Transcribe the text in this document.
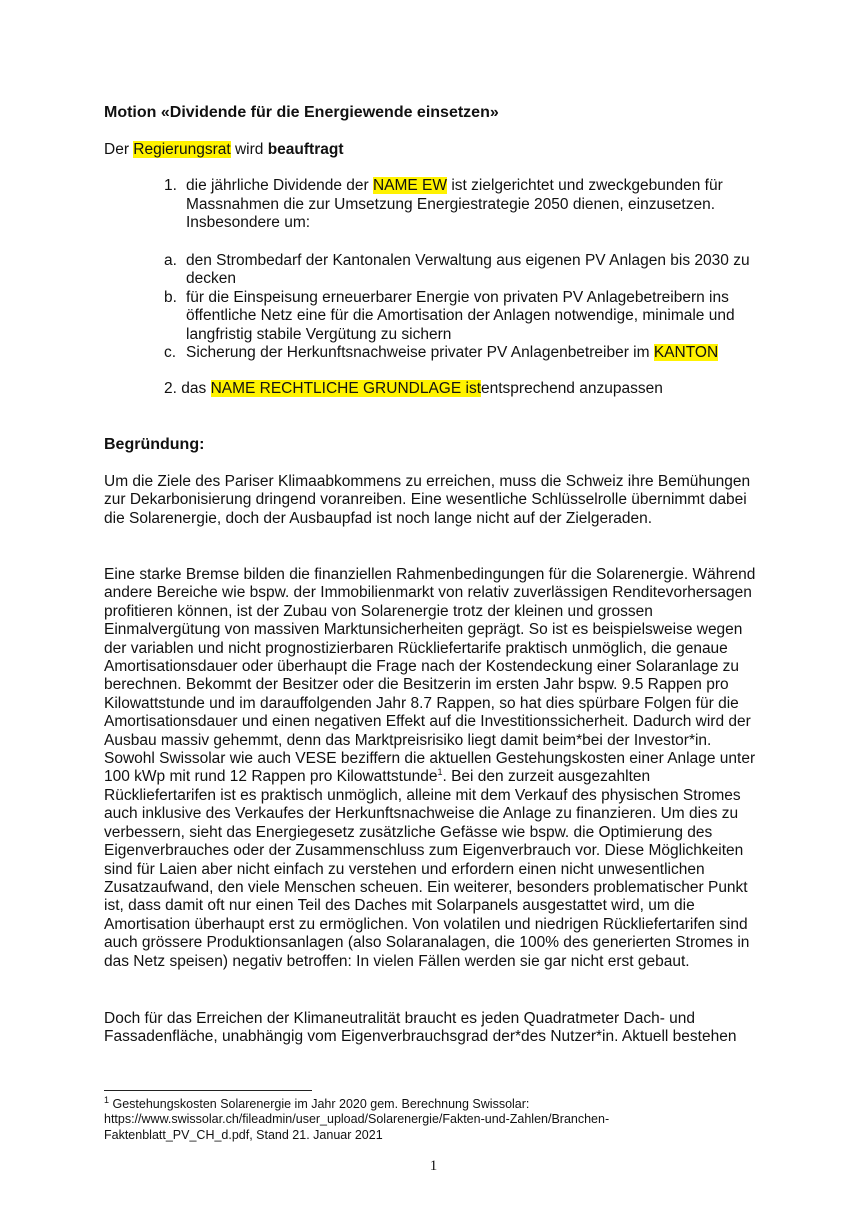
Motion «Dividende für die Energiewende einsetzen»
Der Regierungsrat wird beauftragt
1. die jährliche Dividende der NAME EW ist zielgerichtet und zweckgebunden für Massnahmen die zur Umsetzung Energiestrategie 2050 dienen, einzusetzen. Insbesondere um:
a. den Strombedarf der Kantonalen Verwaltung aus eigenen PV Anlagen bis 2030 zu decken
b. für die Einspeisung erneuerbarer Energie von privaten PV Anlagebetreibern ins öffentliche Netz eine für die Amortisation der Anlagen notwendige, minimale und langfristig stabile Vergütung zu sichern
c. Sicherung der Herkunftsnachweise privater PV Anlagenbetreiber im KANTON
2. das NAME RECHTLICHE GRUNDLAGE istentsprechend anzupassen
Begründung:
Um die Ziele des Pariser Klimaabkommens zu erreichen, muss die Schweiz ihre Bemühungen zur Dekarbonisierung dringend voranreiben. Eine wesentliche Schlüsselrolle übernimmt dabei die Solarenergie, doch der Ausbaupfad ist noch lange nicht auf der Zielgeraden.
Eine starke Bremse bilden die finanziellen Rahmenbedingungen für die Solarenergie. Während andere Bereiche wie bspw. der Immobilienmarkt von relativ zuverlässigen Renditevorhersagen profitieren können, ist der Zubau von Solarenergie trotz der kleinen und grossen Einmalvergütung von massiven Marktunsicherheiten geprägt. So ist es beispielsweise wegen der variablen und nicht prognostizierbaren Rückliefertarife praktisch unmöglich, die genaue Amortisationsdauer oder überhaupt die Frage nach der Kostendeckung einer Solaranlage zu berechnen. Bekommt der Besitzer oder die Besitzerin im ersten Jahr bspw. 9.5 Rappen pro Kilowattstunde und im darauffolgenden Jahr 8.7 Rappen, so hat dies spürbare Folgen für die Amortisationsdauer und einen negativen Effekt auf die Investitionssicherheit. Dadurch wird der Ausbau massiv gehemmt, denn das Marktpreisrisiko liegt damit beim*bei der Investor*in. Sowohl Swissolar wie auch VESE beziffern die aktuellen Gestehungskosten einer Anlage unter 100 kWp mit rund 12 Rappen pro Kilowattstunde$^1$. Bei den zurzeit ausgezahlten Rückliefertarifen ist es praktisch unmöglich, alleine mit dem Verkauf des physischen Stromes auch inklusive des Verkaufes der Herkunftsnachweise die Anlage zu finanzieren. Um dies zu verbessern, sieht das Energiegesetz zusätzliche Gefässe wie bspw. die Optimierung des Eigenverbrauches oder der Zusammenschluss zum Eigenverbrauch vor. Diese Möglichkeiten sind für Laien aber nicht einfach zu verstehen und erfordern einen nicht unwesentlichen Zusatzaufwand, den viele Menschen scheuen. Ein weiterer, besonders problematischer Punkt ist, dass damit oft nur einen Teil des Daches mit Solarpanels ausgestattet wird, um die Amortisation überhaupt erst zu ermöglichen. Von volatilen und niedrigen Rückliefertarifen sind auch grössere Produktionsanlagen (also Solaranalagen, die 100% des generierten Stromes in das Netz speisen) negativ betroffen: In vielen Fällen werden sie gar nicht erst gebaut.
Doch für das Erreichen der Klimaneutralität braucht es jeden Quadratmeter Dach- und Fassadenfläche, unabhängig vom Eigenverbrauchsgrad der*des Nutzer*in. Aktuell bestehen
$^1$ Gestehungskosten Solarenergie im Jahr 2020 gem. Berechnung Swissolar: https://www.swissolar.ch/fileadmin/user_upload/Solarenergie/Fakten-und-Zahlen/Branchen-Faktenblatt_PV_CH_d.pdf, Stand 21. Januar 2021
1
